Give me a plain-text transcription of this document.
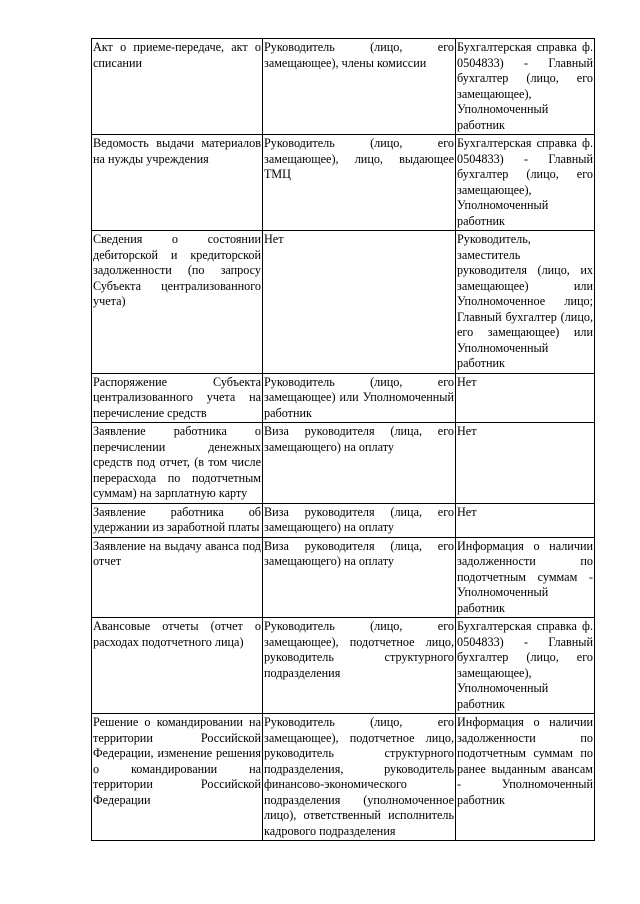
Акт о приеме-передаче, акт о списании	Руководитель (лицо, его замещающее), члены комиссии	Бухгалтерская справка ф. 0504833) - Главный бухгалтер (лицо, его замещающее), Уполномоченный работник
Ведомость выдачи материалов на нужды учреждения	Руководитель (лицо, его замещающее), лицо, выдающее ТМЦ	Бухгалтерская справка ф. 0504833) - Главный бухгалтер (лицо, его замещающее), Уполномоченный работник
Сведения о состоянии дебиторской и кредиторской задолженности (по запросу Субъекта централизованного учета)	Нет	Руководитель, заместитель руководителя (лицо, их замещающее) или Уполномоченное лицо; Главный бухгалтер (лицо, его замещающее) или Уполномоченный работник
Распоряжение Субъекта централизованного учета на перечисление средств	Руководитель (лицо, его замещающее) или Уполномоченный работник	Нет
Заявление работника о перечислении денежных средств под отчет, (в том числе перерасхода по подотчетным суммам) на зарплатную карту	Виза руководителя (лица, его замещающего) на оплату	Нет
Заявление работника об удержании из заработной платы	Виза руководителя (лица, его замещающего) на оплату	Нет
Заявление на выдачу аванса под отчет	Виза руководителя (лица, его замещающего) на оплату	Информация о наличии задолженности по подотчетным суммам - Уполномоченный работник
Авансовые отчеты (отчет о расходах подотчетного лица)	Руководитель (лицо, его замещающее), подотчетное лицо, руководитель структурного подразделения	Бухгалтерская справка ф. 0504833) - Главный бухгалтер (лицо, его замещающее), Уполномоченный работник
Решение о командировании на территории Российской Федерации, изменение решения о командировании на территории Российской Федерации	Руководитель (лицо, его замещающее), подотчетное лицо, руководитель структурного подразделения, руководитель финансово-экономического подразделения (уполномоченное лицо), ответственный исполнитель кадрового подразделения	Информация о наличии задолженности по подотчетным суммам по ранее выданным авансам - Уполномоченный работник
